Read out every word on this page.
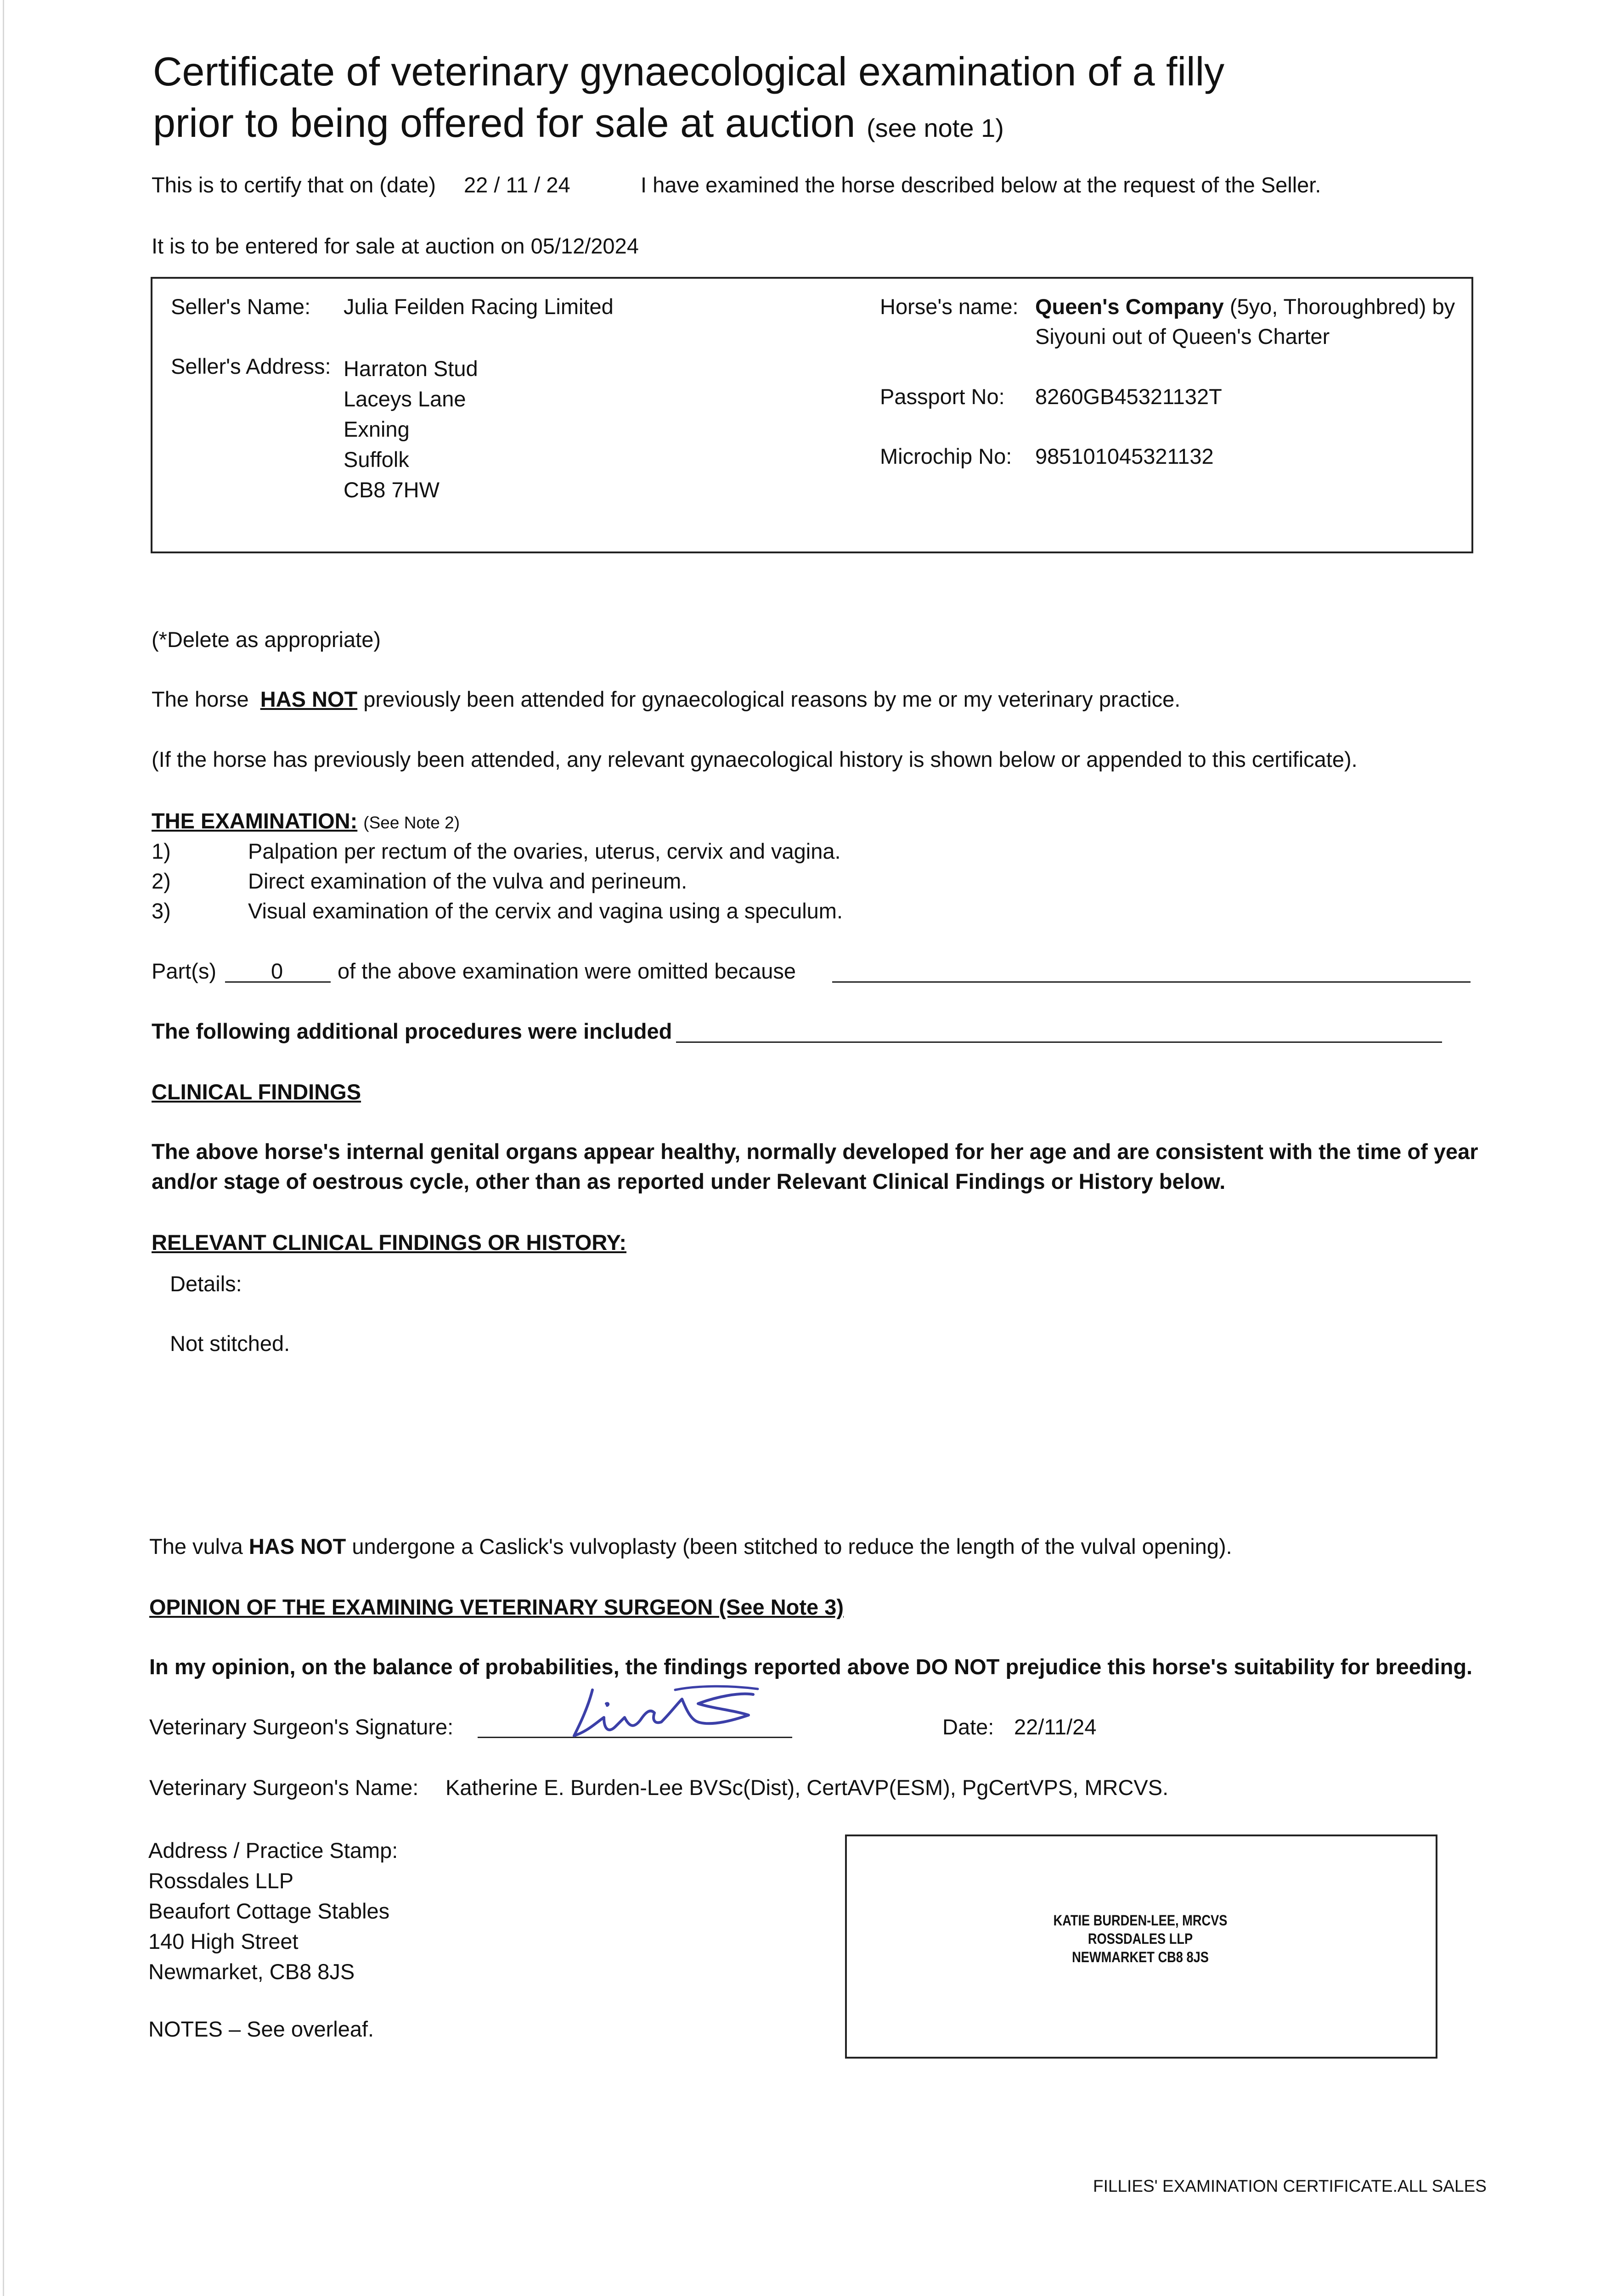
Certificate of veterinary gynaecological examination of a filly
prior to being offered for sale at auction (see note 1)
This is to certify that on (date) 22 / 11 / 24	I have examined the horse described below at the request of the Seller.
It is to be entered for sale at auction on 05/12/2024
Seller's Name: Julia Feilden Racing Limited
Seller's Address: Harraton Stud
Laceys Lane
Exning
Suffolk
CB8 7HW
Horse's name: Queen's Company (5yo, Thoroughbred) by
Siyouni out of Queen's Charter
Passport No: 8260GB45321132T
Microchip No: 985101045321132
(*Delete as appropriate)
The horse HAS NOT previously been attended for gynaecological reasons by me or my veterinary practice.
(If the horse has previously been attended, any relevant gynaecological history is shown below or appended to this certificate).
THE EXAMINATION: (See Note 2)
1)	Palpation per rectum of the ovaries, uterus, cervix and vagina.
2)	Direct examination of the vulva and perineum.
3)	Visual examination of the cervix and vagina using a speculum.
Part(s)	0	of the above examination were omitted because
The following additional procedures were included
CLINICAL FINDINGS
The above horse's internal genital organs appear healthy, normally developed for her age and are consistent with the time of year
and/or stage of oestrous cycle, other than as reported under Relevant Clinical Findings or History below.
RELEVANT CLINICAL FINDINGS OR HISTORY:
Details:
Not stitched.
The vulva HAS NOT undergone a Caslick's vulvoplasty (been stitched to reduce the length of the vulval opening).
OPINION OF THE EXAMINING VETERINARY SURGEON (See Note 3)
In my opinion, on the balance of probabilities, the findings reported above DO NOT prejudice this horse's suitability for breeding.
Veterinary Surgeon's Signature:	Date: 22/11/24
Veterinary Surgeon's Name: Katherine E. Burden-Lee BVSc(Dist), CertAVP(ESM), PgCertVPS, MRCVS.
Address / Practice Stamp:
Rossdales LLP
Beaufort Cottage Stables
140 High Street
Newmarket, CB8 8JS
NOTES – See overleaf.
KATIE BURDEN-LEE, MRCVS
ROSSDALES LLP
NEWMARKET CB8 8JS
FILLIES' EXAMINATION CERTIFICATE.ALL SALES
